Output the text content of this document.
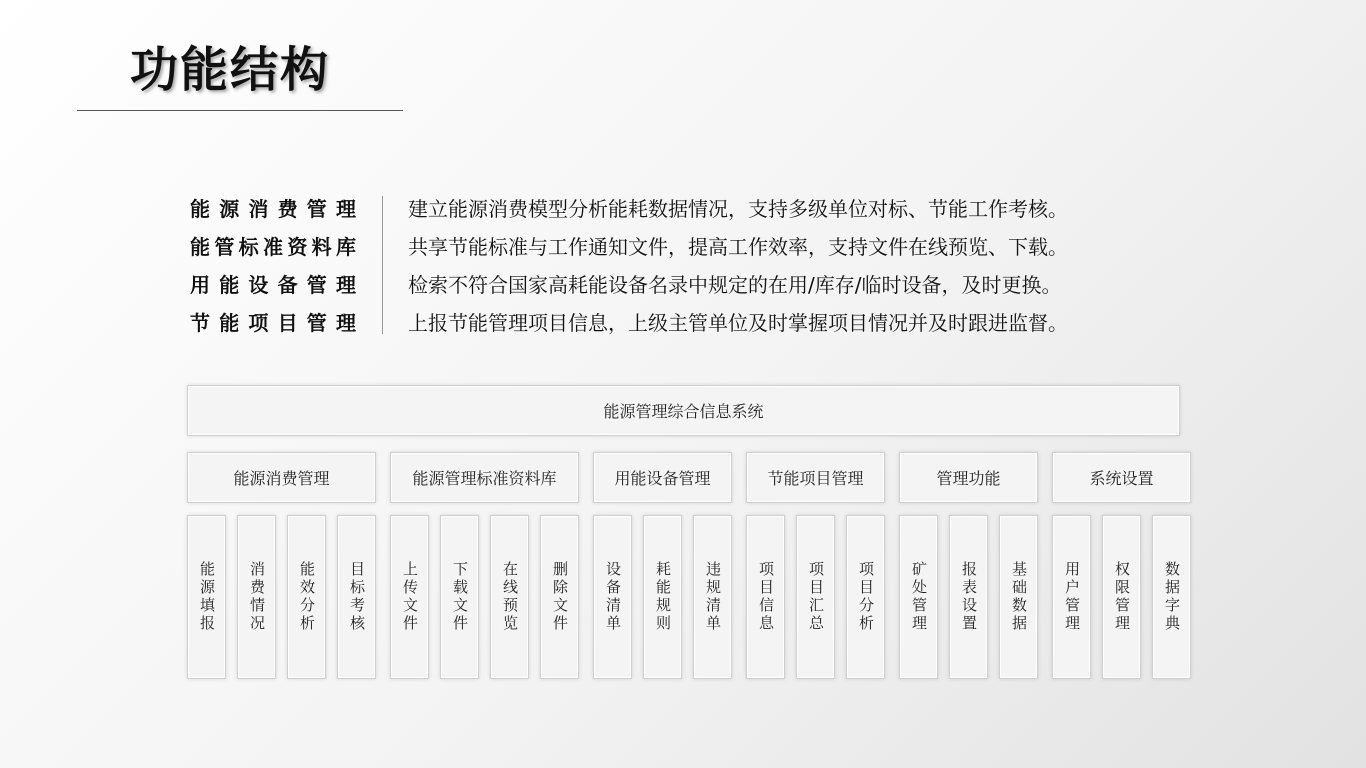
功能结构
能源消费管理
能管标准资料库
用能设备管理
节能项目管理
建立能源消费模型分析能耗数据情况，支持多级单位对标、节能工作考核。
共享节能标准与工作通知文件，提高工作效率，支持文件在线预览、下载。
检索不符合国家高耗能设备名录中规定的在用/库存/临时设备，及时更换。
上报节能管理项目信息，上级主管单位及时掌握项目情况并及时跟进监督。
能源管理综合信息系统
能源消费管理
能源填报 消费情况 能效分析 目标考核
能源管理标准资料库
上传文件 下载文件 在线预览 删除文件
用能设备管理
设备清单 耗能规则 违规清单
节能项目管理
项目信息 项目汇总 项目分析
管理功能
矿处管理 报表设置 基础数据
系统设置
用户管理 权限管理 数据字典
